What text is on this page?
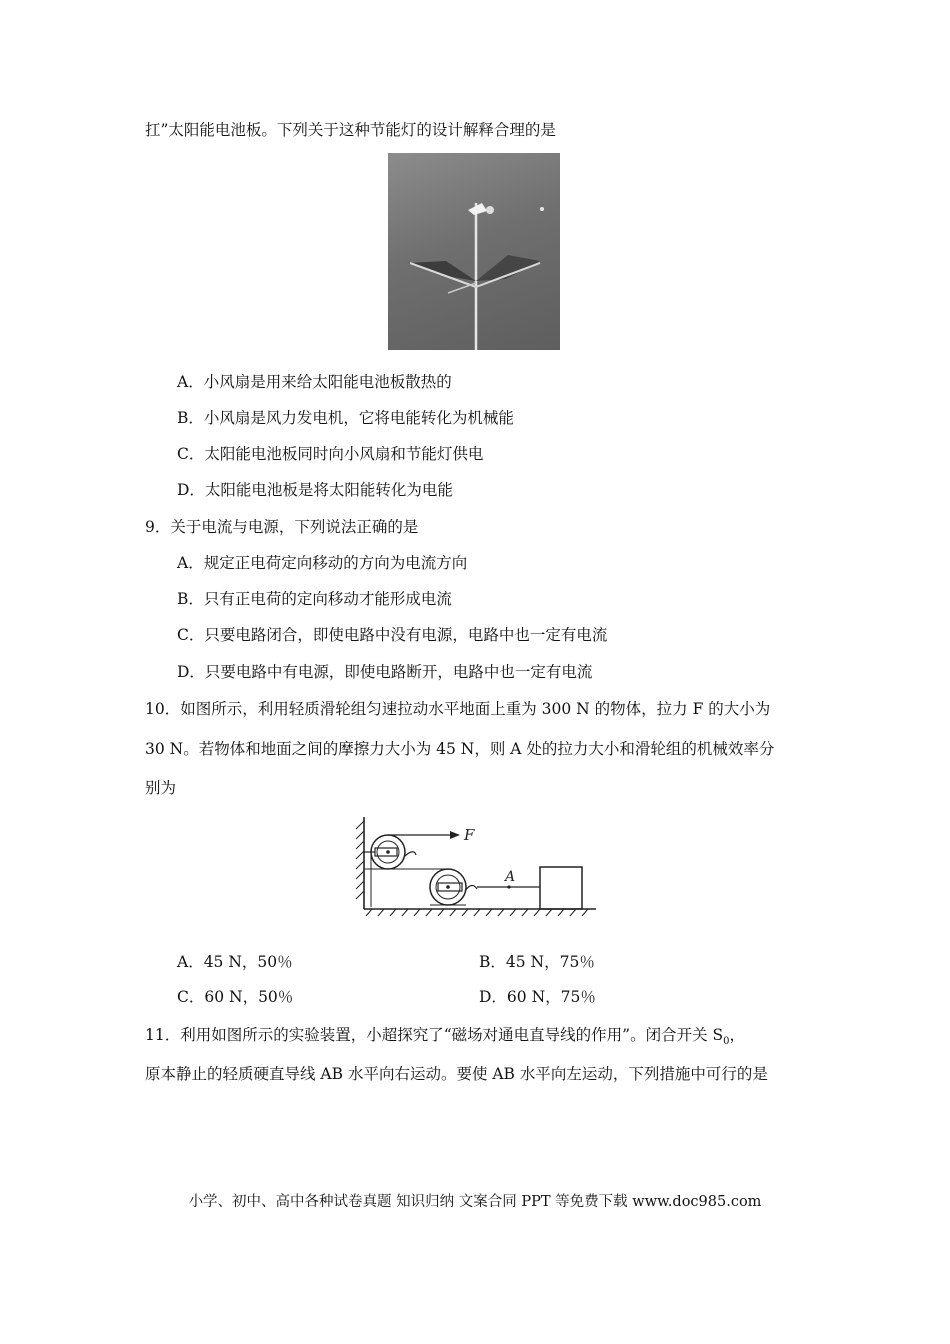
扛”太阳能电池板。下列关于这种节能灯的设计解释合理的是
A．小风扇是用来给太阳能电池板散热的
B．小风扇是风力发电机，它将电能转化为机械能
C．太阳能电池板同时向小风扇和节能灯供电
D．太阳能电池板是将太阳能转化为电能
9．关于电流与电源，下列说法正确的是
A．规定正电荷定向移动的方向为电流方向
B．只有正电荷的定向移动才能形成电流
C．只要电路闭合，即使电路中没有电源，电路中也一定有电流
D．只要电路中有电源，即使电路断开，电路中也一定有电流
10．如图所示，利用轻质滑轮组匀速拉动水平地面上重为 300 N 的物体，拉力 F 的大小为
30 N。若物体和地面之间的摩擦力大小为 45 N，则 A 处的拉力大小和滑轮组的机械效率分
别为
F
A
A．45 N，50％	B．45 N，75％
C．60 N，50％	D．60 N，75％
11．利用如图所示的实验装置，小超探究了“磁场对通电直导线的作用”。闭合开关 $S_0$，
原本静止的轻质硬直导线 AB 水平向右运动。要使 AB 水平向左运动，下列措施中可行的是
小学、初中、高中各种试卷真题 知识归纳 文案合同 PPT 等免费下载 www.doc985.com
